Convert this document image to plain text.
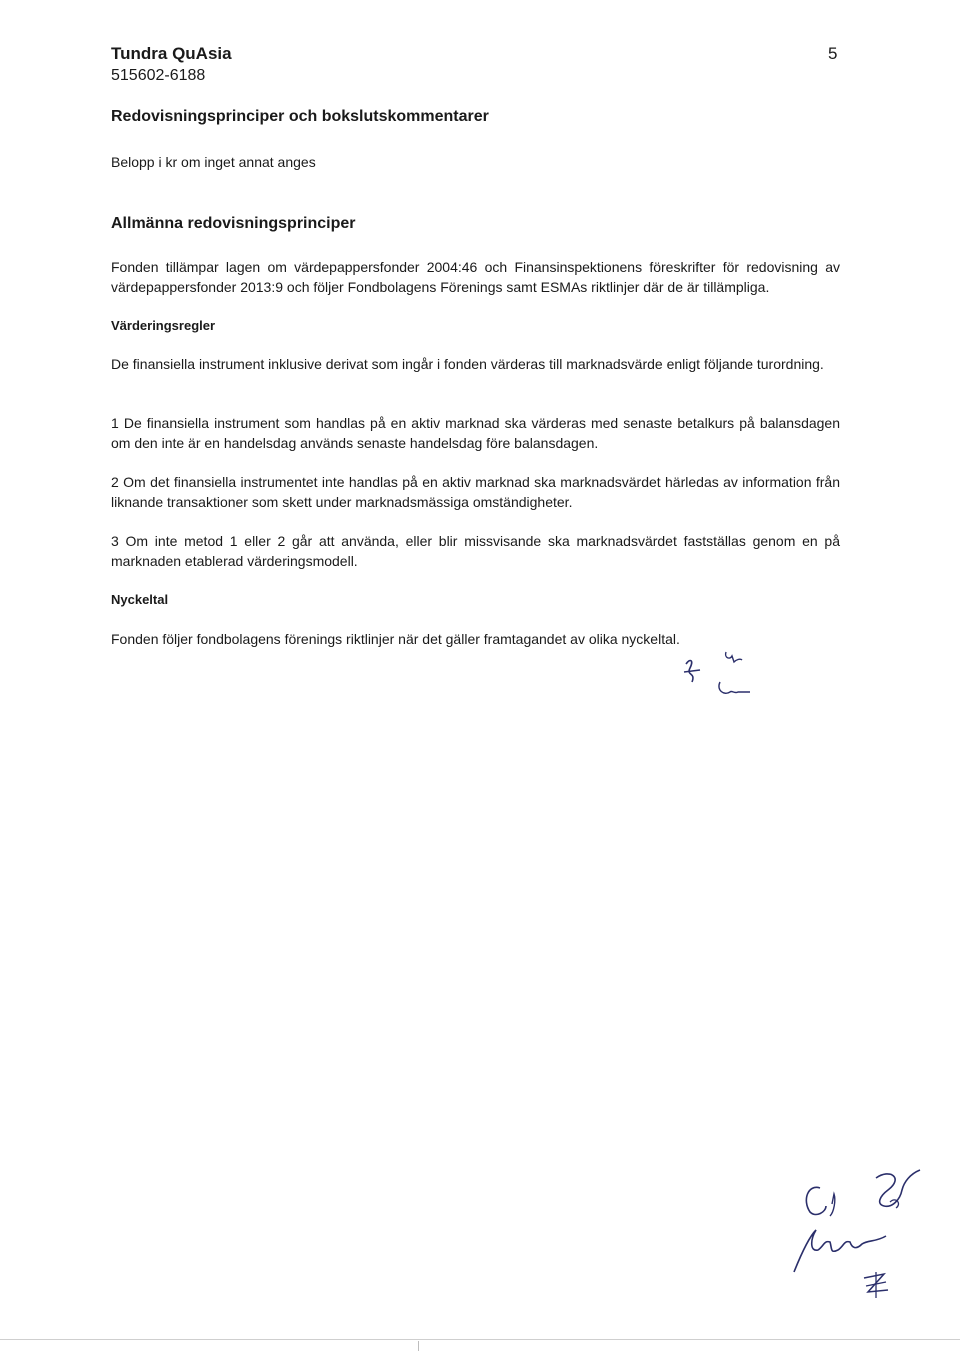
Tundra QuAsia
515602-6188
5
Redovisningsprinciper och bokslutskommentarer
Belopp i kr om inget annat anges
Allmänna redovisningsprinciper
Fonden tillämpar lagen om värdepappersfonder 2004:46 och Finansinspektionens föreskrifter för redovisning av värdepappersfonder 2013:9 och följer Fondbolagens Förenings samt ESMAs riktlinjer där de är tillämpliga.
Värderingsregler
De finansiella instrument inklusive derivat som ingår i fonden värderas till marknadsvärde enligt följande turordning.
1 De finansiella instrument som handlas på en aktiv marknad ska värderas med senaste betalkurs på balansdagen om den inte är en handelsdag används senaste handelsdag före balansdagen.
2 Om det finansiella instrumentet inte handlas på en aktiv marknad ska marknadsvärdet härledas av information från liknande transaktioner som skett under marknadsmässiga omständigheter.
3 Om inte metod 1 eller 2 går att använda, eller blir missvisande ska marknadsvärdet fastställas genom en på marknaden etablerad värderingsmodell.
Nyckeltal
Fonden följer fondbolagens förenings riktlinjer när det gäller framtagandet av olika nyckeltal.
